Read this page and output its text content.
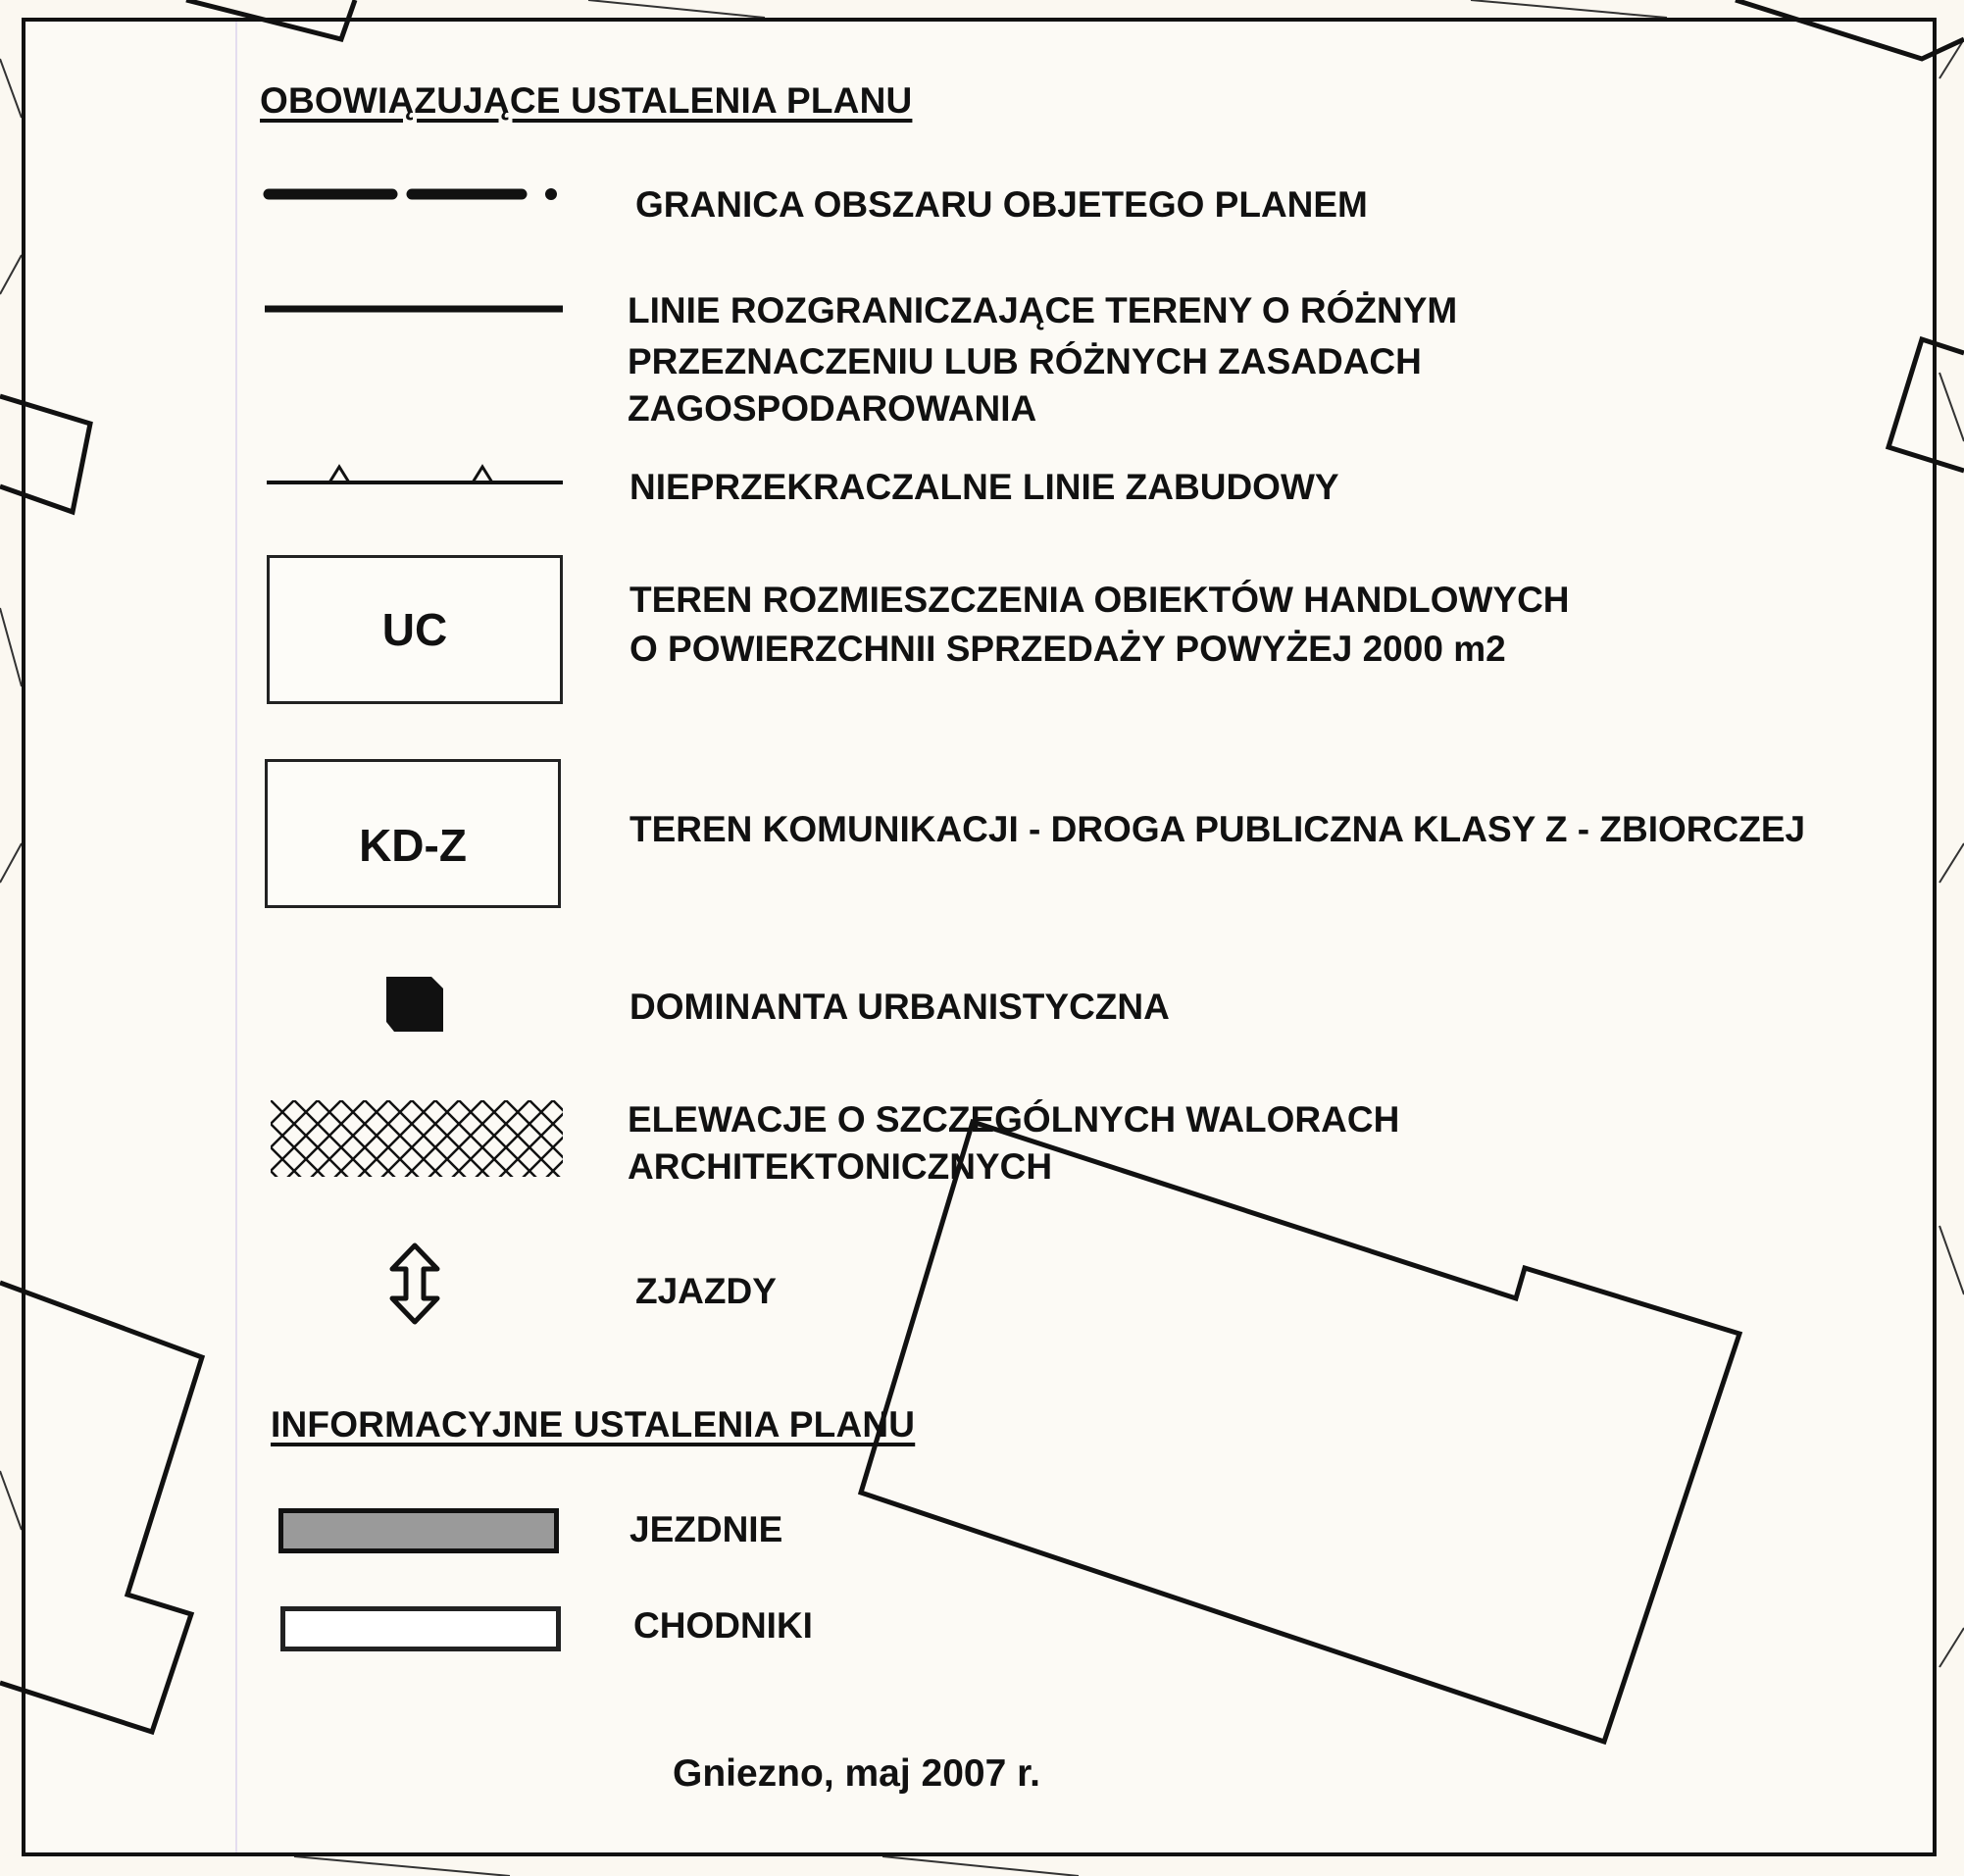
OBOWIĄZUJĄCE USTALENIA PLANU

GRANICA OBSZARU OBJETEGO PLANEM

LINIE ROZGRANICZAJĄCE TERENY O RÓŻNYM

PRZEZNACZENIU LUB RÓŻNYCH ZASADACH

ZAGOSPODAROWANIA

NIEPRZEKRACZALNE LINIE ZABUDOWY

UC

TEREN ROZMIESZCZENIA OBIEKTÓW HANDLOWYCH

O POWIERZCHNII SPRZEDAŻY POWYŻEJ 2000 m2

KD-Z	TEREN KOMUNIKACJI - DROGA PUBLICZNA KLASY Z - ZBIORCZEJ

DOMINANTA URBANISTYCZNA

ELEWACJE O SZCZEGÓLNYCH WALORACH

ARCHITEKTONICZNYCH

ZJAZDY

INFORMACYJNE USTALENIA PLANU

JEZDNIE

CHODNIKI

Gniezno, maj 2007 r.
